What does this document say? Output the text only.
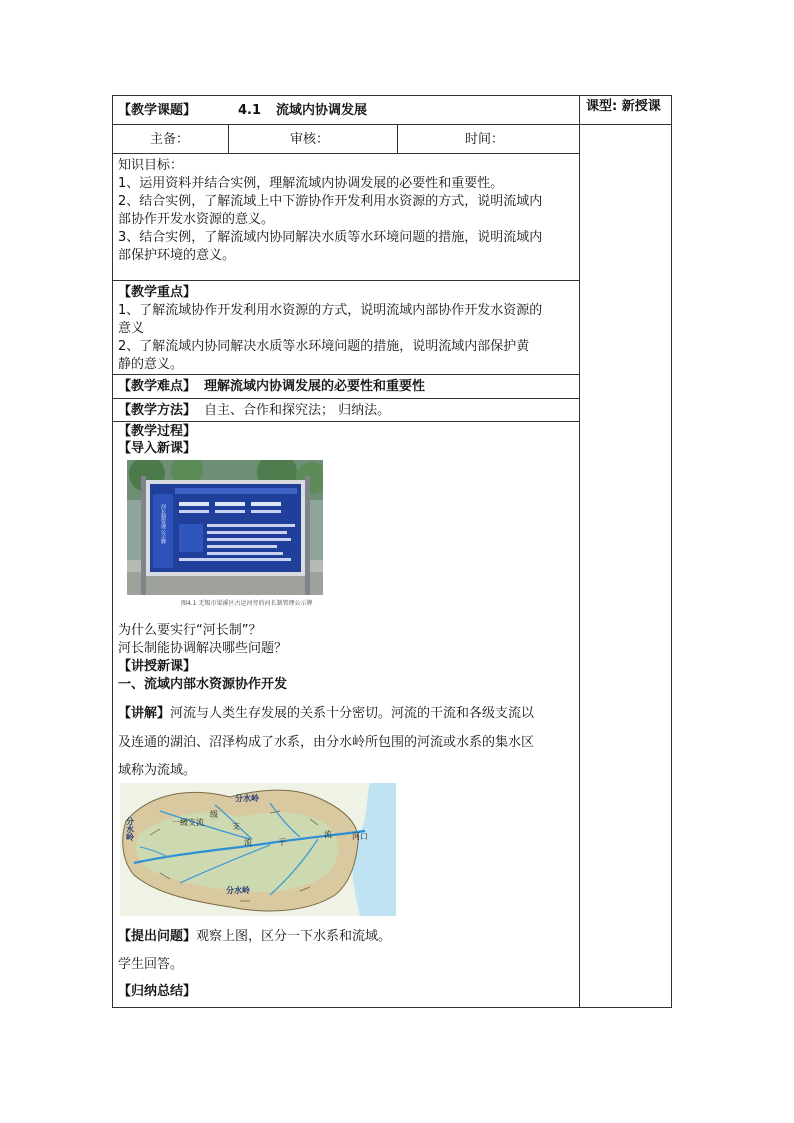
【教学课题】	4.1 流域内协调发展	课型: 新授课
主备：	审核：	时间：
知识目标：
1、运用资料并结合实例，理解流域内协调发展的必要性和重要性。
2、结合实例，了解流域上中下游协作开发利用水资源的方式，说明流域内
部协作开发水资源的意义。
3、结合实例，了解流域内协同解决水质等水环境问题的措施，说明流域内
部保护环境的意义。
【教学重点】
1、了解流域协作开发利用水资源的方式，说明流域内部协作开发水资源的
意义
2、了解流域内协同解决水质等水环境问题的措施，说明流域内部保护黄
静的意义。
【教学难点】 理解流域内协调发展的必要性和重要性
【教学方法】 自主、合作和探究法； 归纳法。
【教学过程】
【导入新课】
河长制管理公示牌
图4.1 无锡市梁溪区古运河旁的河长制管理公示牌
为什么要实行“河长制”？
河长制能协调解决哪些问题？
【讲授新课】
一、流域内部水资源协作开发
【讲解】河流与人类生存发展的关系十分密切。河流的干流和各级支流以
及连通的湖泊、沼泽构成了水系，由分水岭所包围的河流或水系的集水区
域称为流域。
分水岭
分水岭
分水岭
一级支流
级
支
流	干
流	河口
【提出问题】观察上图，区分一下水系和流域。
学生回答。
【归纳总结】
